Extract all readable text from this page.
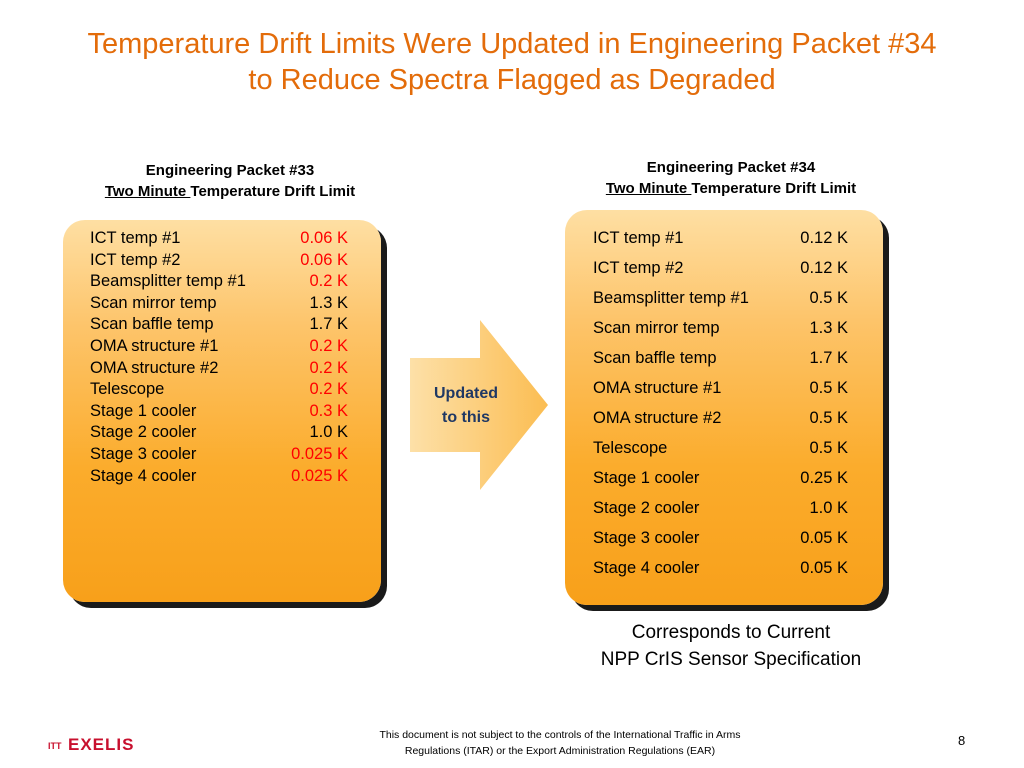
Temperature Drift Limits Were Updated in Engineering Packet #34
to Reduce Spectra Flagged as Degraded
Engineering Packet #33
Two Minute Temperature Drift Limit
Engineering Packet #34
Two Minute Temperature Drift Limit
ICT temp #1	0.06 K
ICT temp #2	0.06 K
Beamsplitter temp #1	0.2 K
Scan mirror temp	1.3 K
Scan baffle temp	1.7 K
OMA structure #1	0.2 K
OMA structure #2	0.2 K
Telescope	0.2 K
Stage 1 cooler	0.3 K
Stage 2 cooler	1.0 K
Stage 3 cooler	0.025 K
Stage 4 cooler	0.025 K
ICT temp #1	0.12 K
ICT temp #2	0.12 K
Beamsplitter temp #1	0.5 K
Scan mirror temp	1.3 K
Scan baffle temp	1.7 K
OMA structure #1	0.5 K
OMA structure #2	0.5 K
Telescope	0.5 K
Stage 1 cooler	0.25 K
Stage 2 cooler	1.0 K
Stage 3 cooler	0.05 K
Stage 4 cooler	0.05 K
Updated
to this
Corresponds to Current
NPP CrIS Sensor Specification
ITT EXELIS	This document is not subject to the controls of the International Traffic in Arms
Regulations (ITAR) or the Export Administration Regulations (EAR)
8
